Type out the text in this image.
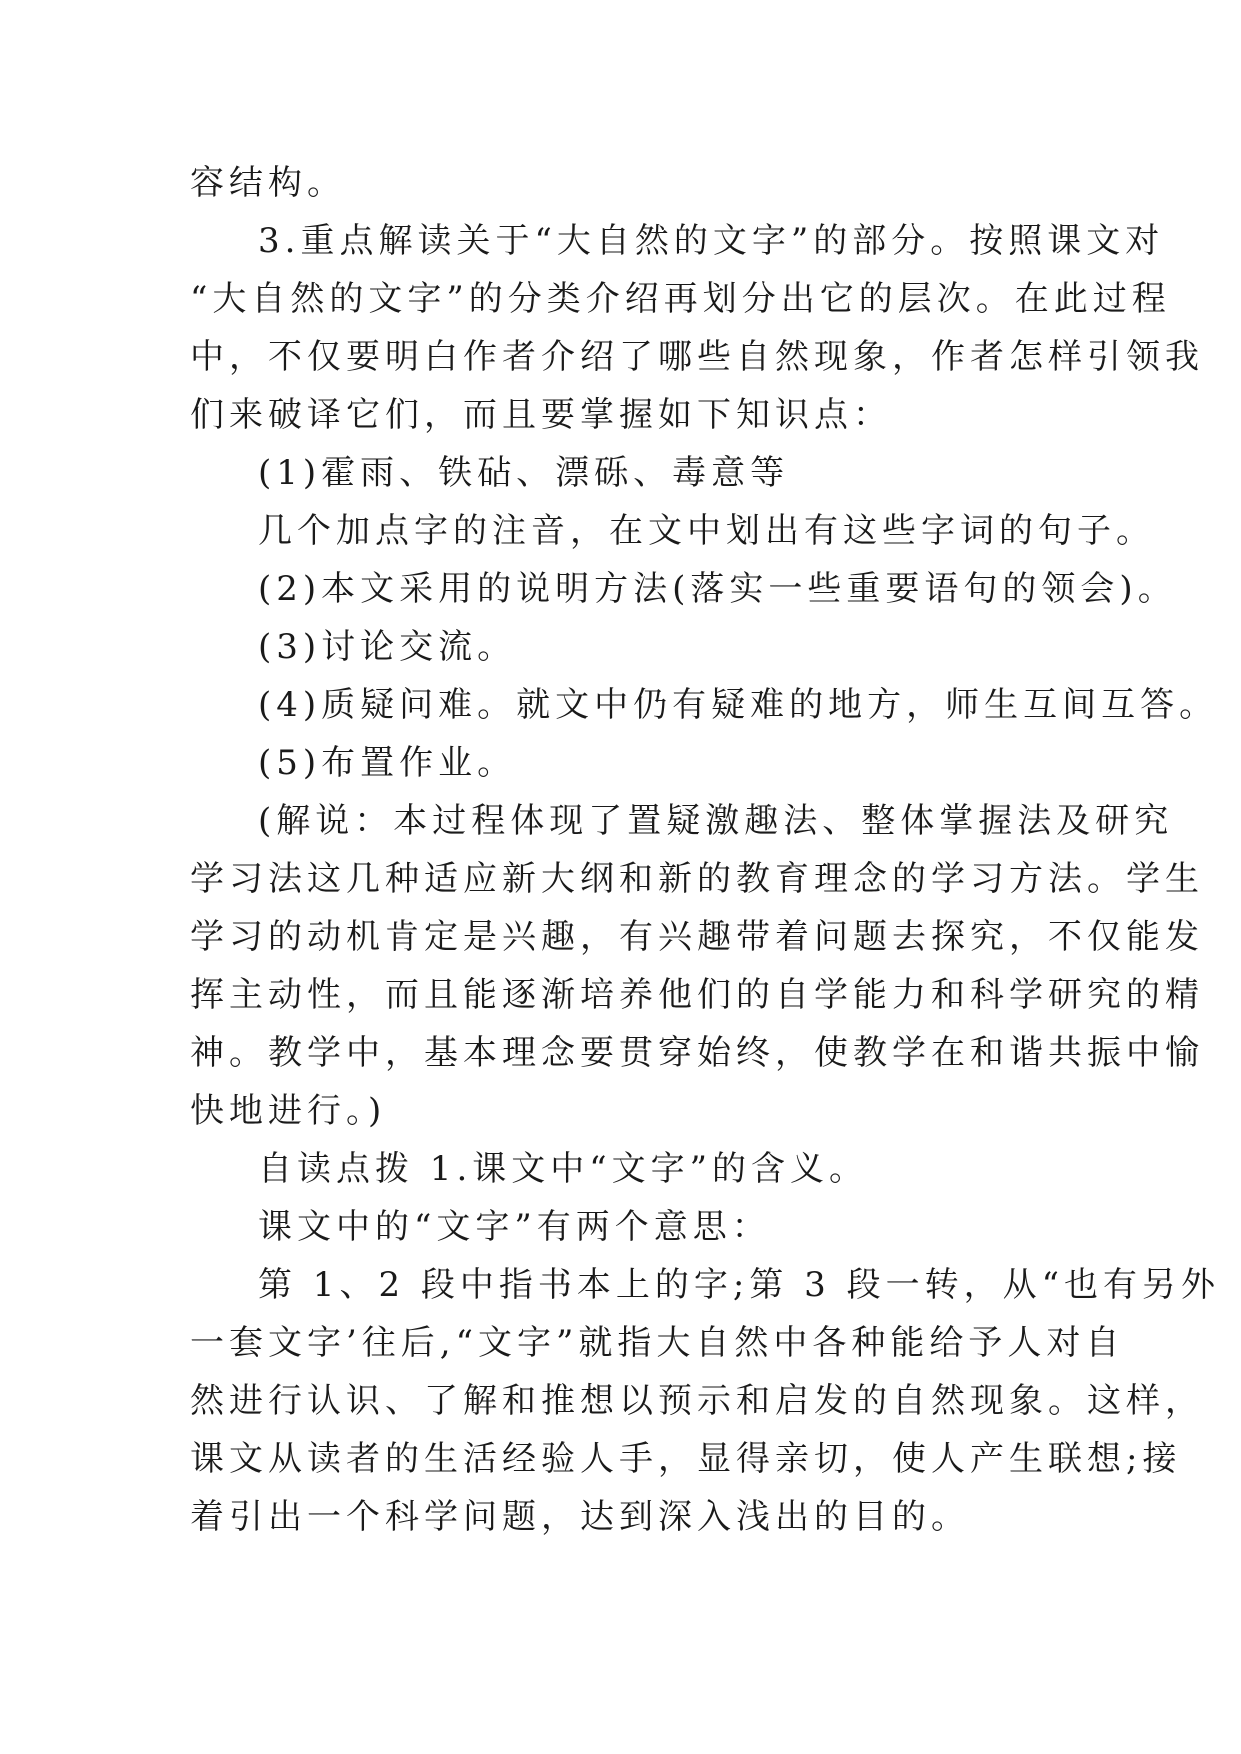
容结构。
3.重点解读关于“大自然的文字”的部分。按照课文对
“大自然的文字”的分类介绍再划分出它的层次。在此过程
中，不仅要明白作者介绍了哪些自然现象，作者怎样引领我
们来破译它们，而且要掌握如下知识点：
(1)霍雨、铁砧、漂砾、毒意等
几个加点字的注音，在文中划出有这些字词的句子。
(2)本文采用的说明方法(落实一些重要语句的领会)。
(3)讨论交流。
(4)质疑问难。就文中仍有疑难的地方，师生互间互答。
(5)布置作业。
(解说：本过程体现了置疑激趣法、整体掌握法及研究
学习法这几种适应新大纲和新的教育理念的学习方法。学生
学习的动机肯定是兴趣，有兴趣带着问题去探究，不仅能发
挥主动性，而且能逐渐培养他们的自学能力和科学研究的精
神。教学中，基本理念要贯穿始终，使教学在和谐共振中愉
快地进行。)
自读点拨 1.课文中“文字”的含义。
课文中的“文字”有两个意思：
第 1、2 段中指书本上的字;第 3 段一转，从“也有另外
一套文字’往后,“文字”就指大自然中各种能给予人对自
然进行认识、了解和推想以预示和启发的自然现象。这样，
课文从读者的生活经验人手，显得亲切，使人产生联想;接
着引出一个科学问题，达到深入浅出的目的。
